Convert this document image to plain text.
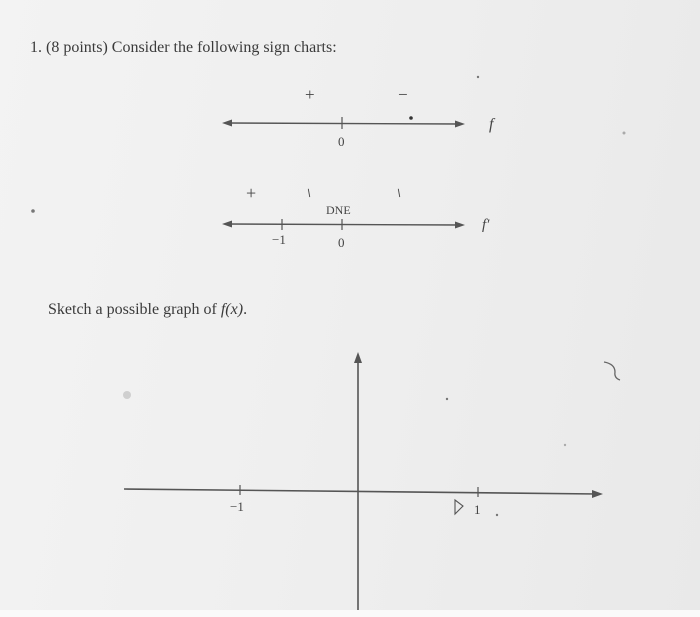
1. (8 points) Consider the following sign charts:
+	−
0
f
+ −	−
DNE
−1	0
f′
Sketch a possible graph of f(x).
−1	1
